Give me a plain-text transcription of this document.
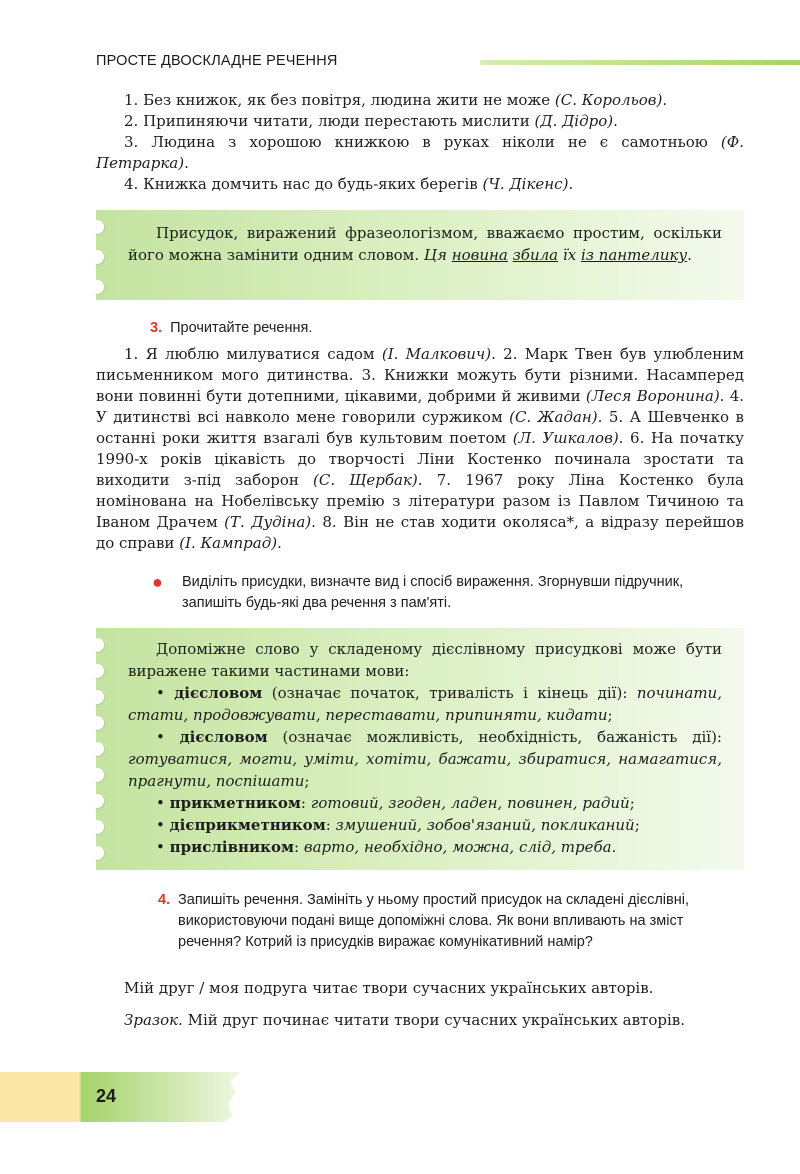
ПРОСТЕ ДВОСКЛАДНЕ РЕЧЕННЯ

1. Без книжок, як без повітря, людина жити не може (С. Корольов).

2. Припиняючи читати, люди перестають мислити (Д. Дідро).

3. Людина з хорошою книжкою в руках ніколи не є самотньою (Ф. Петрарка).

4. Книжка домчить нас до будь-яких берегів (Ч. Дікенс).

Присудок, виражений фразеологізмом, вважаємо простим, оскільки його можна замінити одним словом. Ця новина збила їх із пантелику.
3. Прочитайте речення.

1. Я люблю милуватися садом (І. Малкович). 2. Марк Твен був улюбленим письменником мого дитинства. 3. Книжки можуть бути різними. Насамперед вони повинні бути дотепними, цікавими, добрими й живими (Леся Воронина). 4. У дитинстві всі навколо мене говорили суржиком (С. Жадан). 5. А Шевченко в останні роки життя взагалі був культовим поетом (Л. Ушкалов). 6. На початку 1990-х років цікавість до творчості Ліни Костенко починала зростати та виходити з-під заборон (С. Щербак). 7. 1967 року Ліна Костенко була номінована на Нобелівську премію з літератури разом із Павлом Тичиною та Іваном Драчем (Т. Дудіна). 8. Він не став ходити околяса*, а відразу перейшов до справи (І. Кампрад).

● Виділіть присудки, визначте вид і спосіб вираження. Згорнувши підручник, запишіть будь-які два речення з пам'яті.

Допоміжне слово у складеному дієслівному присудкові може бути виражене такими частинами мови:

• дієсловом (означає початок, тривалість і кінець дії): починати, стати, продовжувати, переставати, припиняти, кидати;

• дієсловом (означає можливість, необхідність, бажаність дії): готуватися, могти, уміти, хотіти, бажати, збиратися, намагатися, прагнути, поспішати;

• прикметником: готовий, згоден, ладен, повинен, радий;

• дієприкметником: змушений, зобов'язаний, покликаний;

• прислівником: варто, необхідно, можна, слід, треба.

4. Запишіть речення. Замініть у ньому простий присудок на складені дієслівні, використовуючи подані вище допоміжні слова. Як вони впливають на зміст речення? Котрий із присудків виражає комунікативний намір?

Мій друг / моя подруга читає твори сучасних українських авторів.

Зразок. Мій друг починає читати твори сучасних українських авторів.

24
